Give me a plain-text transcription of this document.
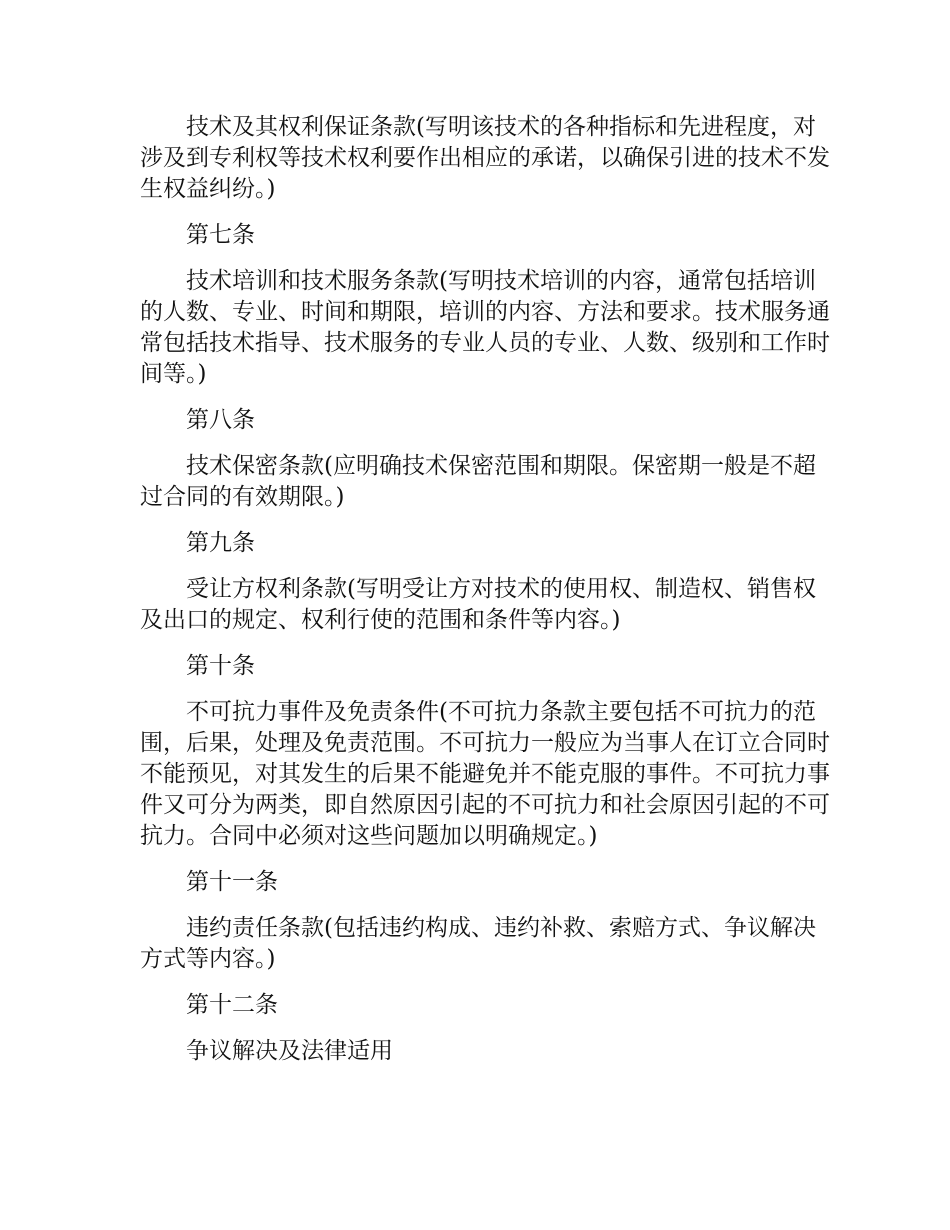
技术及其权利保证条款(写明该技术的各种指标和先进程度，对涉及到专利权等技术权利要作出相应的承诺，以确保引进的技术不发生权益纠纷。)

第七条

技术培训和技术服务条款(写明技术培训的内容，通常包括培训的人数、专业、时间和期限，培训的内容、方法和要求。技术服务通常包括技术指导、技术服务的专业人员的专业、人数、级别和工作时间等。)

第八条

技术保密条款(应明确技术保密范围和期限。保密期一般是不超过合同的有效期限。)

第九条

受让方权利条款(写明受让方对技术的使用权、制造权、销售权及出口的规定、权利行使的范围和条件等内容。)

第十条

不可抗力事件及免责条件(不可抗力条款主要包括不可抗力的范围，后果，处理及免责范围。不可抗力一般应为当事人在订立合同时不能预见，对其发生的后果不能避免并不能克服的事件。不可抗力事件又可分为两类，即自然原因引起的不可抗力和社会原因引起的不可抗力。合同中必须对这些问题加以明确规定。)

第十一条

违约责任条款(包括违约构成、违约补救、索赔方式、争议解决方式等内容。)

第十二条

争议解决及法律适用
